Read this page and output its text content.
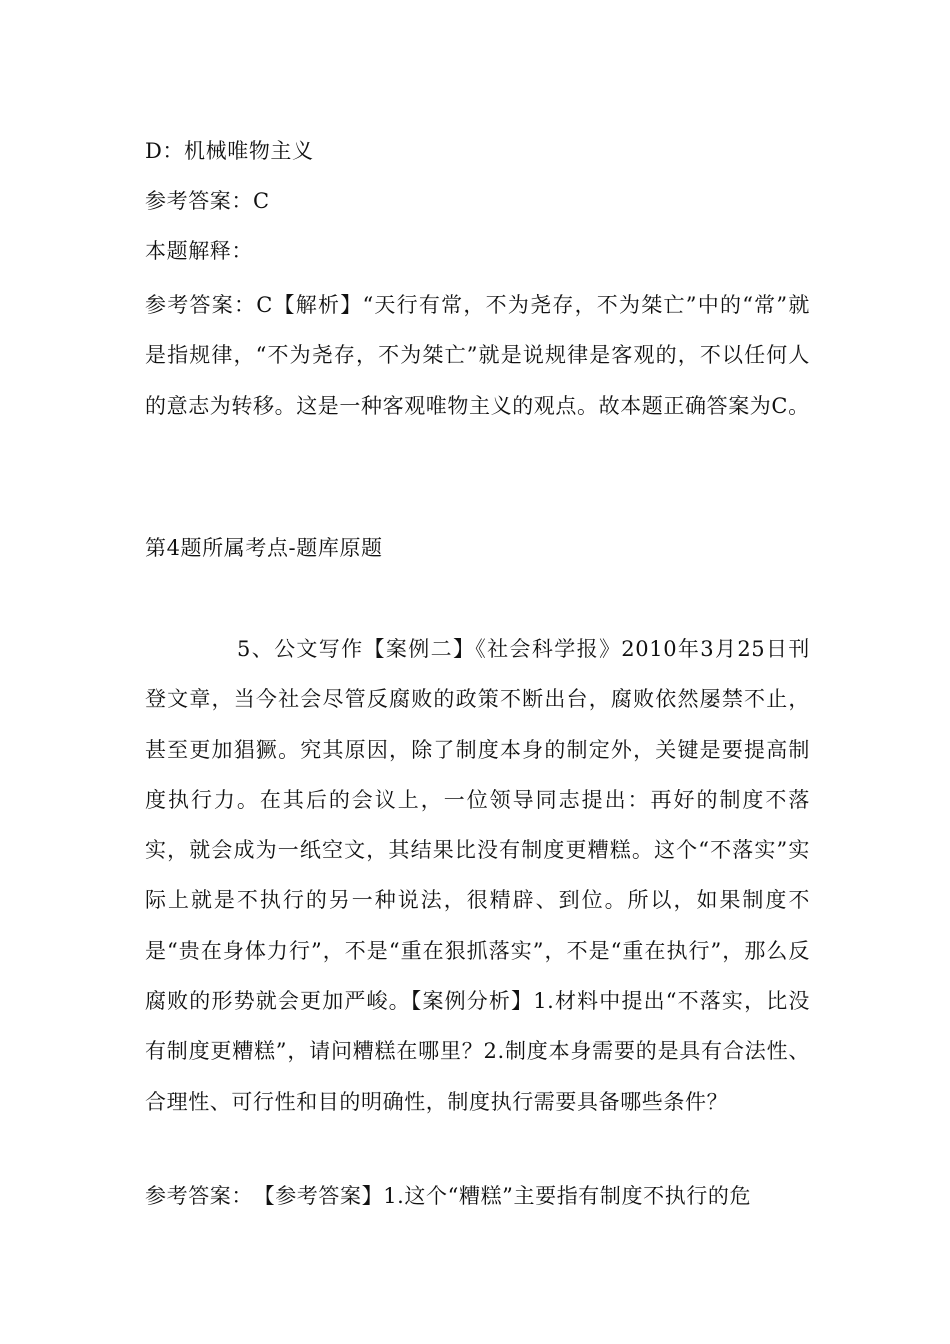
D：机械唯物主义
参考答案：C
本题解释：
参考答案：C【解析】“天行有常，不为尧存，不为桀亡”中的“常”就是指规律，“不为尧存，不为桀亡”就是说规律是客观的，不以任何人的意志为转移。这是一种客观唯物主义的观点。故本题正确答案为C。
第4题所属考点-题库原题
5、公文写作【案例二】《社会科学报》2010年3月25日刊登文章，当今社会尽管反腐败的政策不断出台，腐败依然屡禁不止，甚至更加猖獗。究其原因，除了制度本身的制定外，关键是要提高制度执行力。在其后的会议上，一位领导同志提出：再好的制度不落实，就会成为一纸空文，其结果比没有制度更糟糕。这个“不落实”实际上就是不执行的另一种说法，很精辟、到位。所以，如果制度不是“贵在身体力行”，不是“重在狠抓落实”，不是“重在执行”，那么反腐败的形势就会更加严峻。【案例分析】1.材料中提出“不落实，比没有制度更糟糕”，请问糟糕在哪里？2.制度本身需要的是具有合法性、合理性、可行性和目的明确性，制度执行需要具备哪些条件？
参考答案：　【参考答案】1.这个“糟糕”主要指有制度不执行的危
